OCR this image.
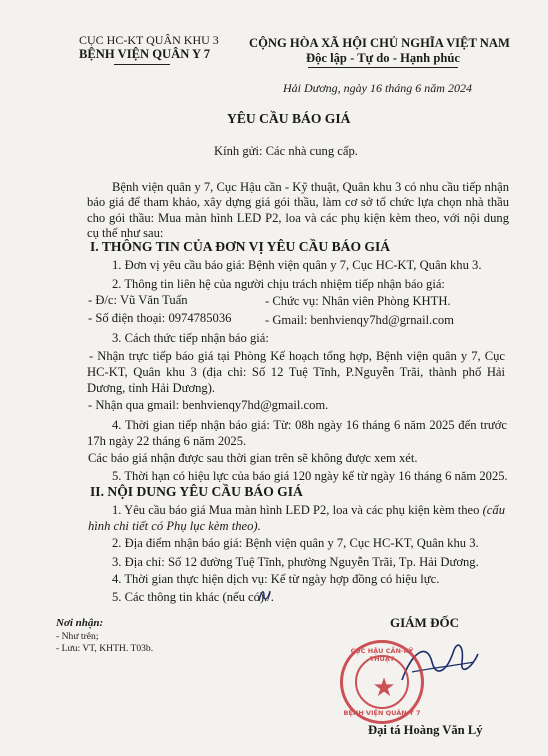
CỤC HC-KT QUÂN KHU 3
BỆNH VIỆN QUÂN Y 7
CỘNG HÒA XÃ HỘI CHỦ NGHĨA VIỆT NAM
Độc lập - Tự do - Hạnh phúc
Hải Dương, ngày 16 tháng 6 năm 2024
YÊU CẦU BÁO GIÁ
Kính gửi: Các nhà cung cấp.
Bệnh viện quân y 7, Cục Hậu cần - Kỹ thuật, Quân khu 3 có nhu cầu tiếp nhận báo giá để tham khảo, xây dựng giá gói thầu, làm cơ sở tổ chức lựa chọn nhà thầu cho gói thầu: Mua màn hình LED P2, loa và các phụ kiện kèm theo, với nội dung cụ thể như sau:
I. THÔNG TIN CỦA ĐƠN VỊ YÊU CẦU BÁO GIÁ
1. Đơn vị yêu cầu báo giá: Bệnh viện quân y 7, Cục HC-KT, Quân khu 3.
2. Thông tin liên hệ của người chịu trách nhiệm tiếp nhận báo giá:
- Đ/c: Vũ Văn Tuấn	- Chức vụ: Nhân viên Phòng KHTH.
- Số điện thoại: 0974785036	- Gmail: benhvienqy7hd@grnail.com
3. Cách thức tiếp nhận báo giá:
- Nhận trực tiếp báo giá tại Phòng Kế hoạch tổng hợp, Bệnh viện quân y 7, Cục HC-KT, Quân khu 3 (địa chỉ: Số 12 Tuệ Tĩnh, P.Nguyễn Trãi, thành phố Hải Dương, tỉnh Hải Dương).
- Nhận qua gmail: benhvienqy7hd@gmail.com.
4. Thời gian tiếp nhận báo giá: Từ: 08h ngày 16 tháng 6 năm 2025 đến trước 17h ngày 22 tháng 6 năm 2025.
Các báo giá nhận được sau thời gian trên sẽ không được xem xét.
5. Thời hạn có hiệu lực của báo giá 120 ngày kể từ ngày 16 tháng 6 năm 2025.
II. NỘI DUNG YÊU CẦU BÁO GIÁ
1. Yêu cầu báo giá Mua màn hình LED P2, loa và các phụ kiện kèm theo (cấu
hình chi tiết có Phụ lục kèm theo).
2. Địa điểm nhận báo giá: Bệnh viện quân y 7, Cục HC-KT, Quân khu 3.
3. Địa chỉ: Số 12 đường Tuệ Tĩnh, phường Nguyễn Trãi, Tp. Hải Dương.
4. Thời gian thực hiện dịch vụ: Kể từ ngày hợp đồng có hiệu lực.
5. Các thông tin khác (nếu có)./.
Nơi nhận:
- Như trên;
- Lưu: VT, KHTH. T03b.
GIÁM ĐỐC
CỤC HẬU CẦN-KỸ THUẬT
★
BỆNH VIỆN QUÂN Y 7
Đại tá Hoàng Văn Lý
